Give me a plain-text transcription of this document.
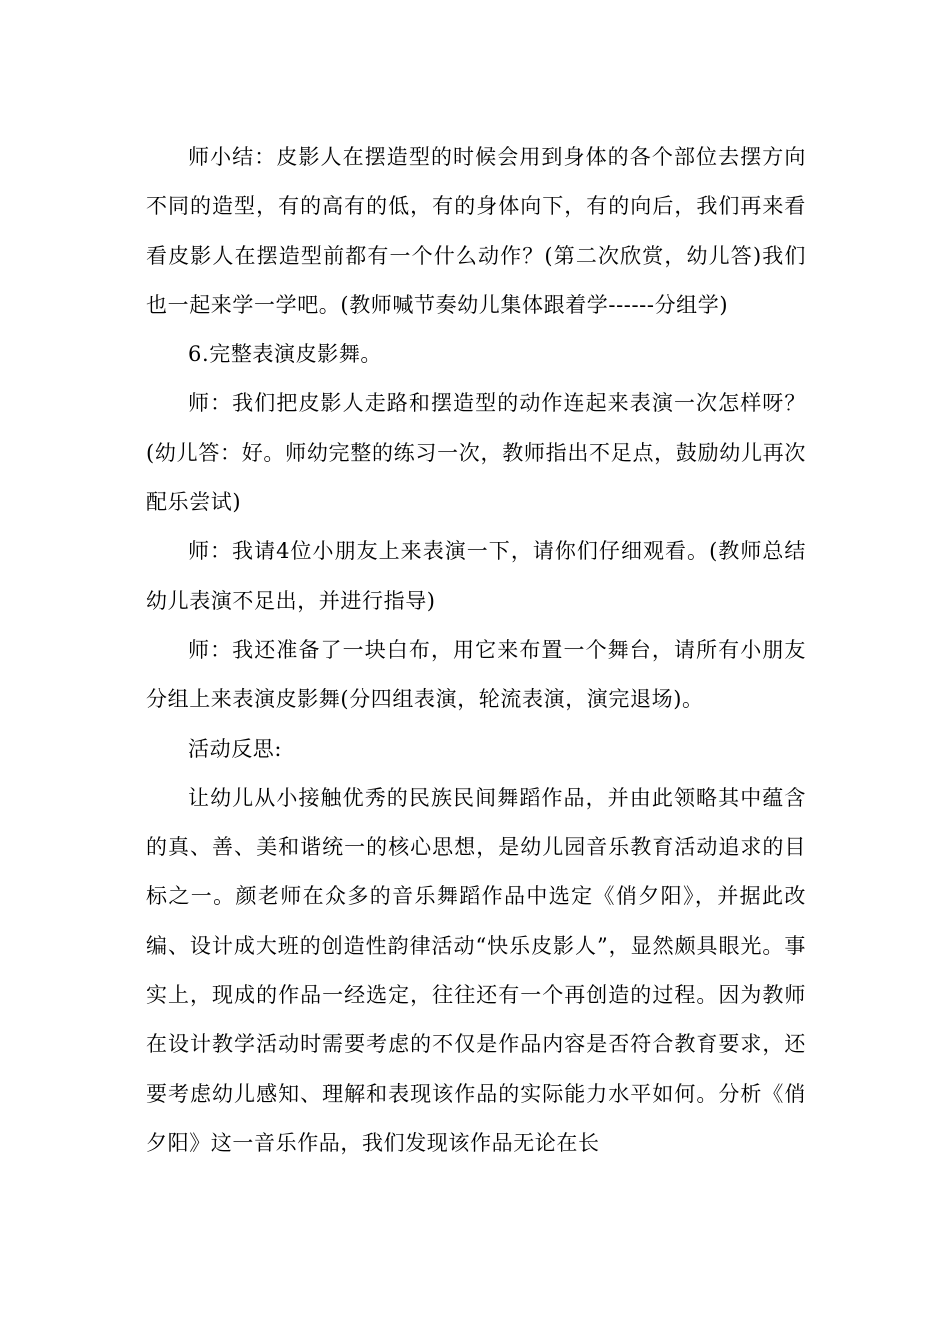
师小结：皮影人在摆造型的时候会用到身体的各个部位去摆方向不同的造型，有的高有的低，有的身体向下，有的向后，我们再来看看皮影人在摆造型前都有一个什么动作？(第二次欣赏，幼儿答)我们也一起来学一学吧。(教师喊节奏幼儿集体跟着学------分组学)

6.完整表演皮影舞。

师：我们把皮影人走路和摆造型的动作连起来表演一次怎样呀？(幼儿答：好。师幼完整的练习一次，教师指出不足点，鼓励幼儿再次配乐尝试)

师：我请4位小朋友上来表演一下，请你们仔细观看。(教师总结幼儿表演不足出，并进行指导)

师：我还准备了一块白布，用它来布置一个舞台，请所有小朋友分组上来表演皮影舞(分四组表演，轮流表演，演完退场)。

活动反思:

让幼儿从小接触优秀的民族民间舞蹈作品，并由此领略其中蕴含的真、善、美和谐统一的核心思想，是幼儿园音乐教育活动追求的目标之一。颜老师在众多的音乐舞蹈作品中选定《俏夕阳》，并据此改编、设计成大班的创造性韵律活动“快乐皮影人”，显然颇具眼光。事实上，现成的作品一经选定，往往还有一个再创造的过程。因为教师在设计教学活动时需要考虑的不仅是作品内容是否符合教育要求，还要考虑幼儿感知、理解和表现该作品的实际能力水平如何。分析《俏夕阳》这一音乐作品，我们发现该作品无论在长
